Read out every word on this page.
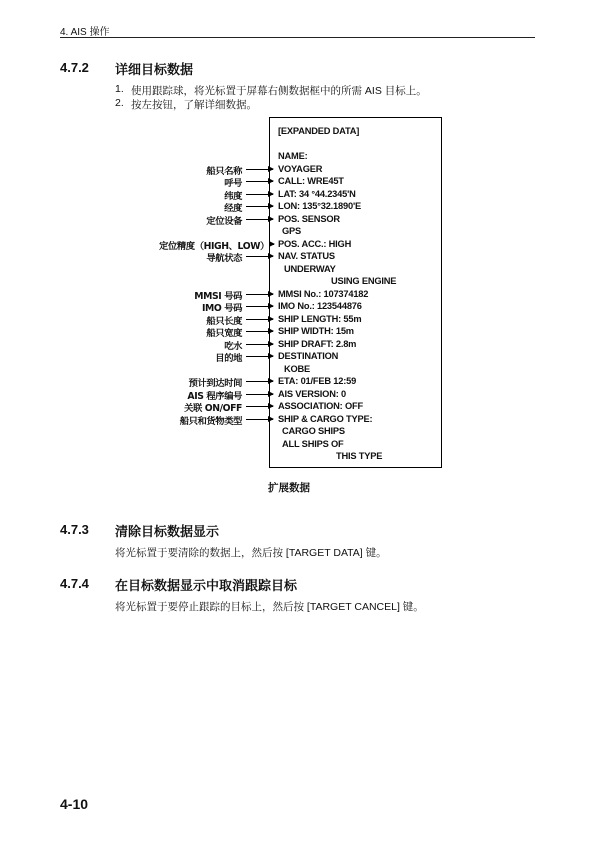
4. AIS 操作
4.7.2 详细目标数据
1. 使用跟踪球，将光标置于屏幕右侧数据框中的所需 AIS 目标上。
2. 按左按钮，了解详细数据。
[EXPANDED DATA]
NAME:
VOYAGER
CALL: WRE45T
LAT: 34 °44.2345'N
LON: 135°32.1890'E
POS. SENSOR
GPS
POS. ACC.: HIGH
NAV. STATUS
UNDERWAY
USING ENGINE
MMSI No.: 107374182
IMO No.: 123544876
SHIP LENGTH: 55m
SHIP WIDTH: 15m
SHIP DRAFT: 2.8m
DESTINATION
KOBE
ETA: 01/FEB 12:59
AIS VERSION: 0
ASSOCIATION: OFF
SHIP & CARGO TYPE:
CARGO SHIPS
ALL SHIPS OF
THIS TYPE
船只名称
呼号
纬度
经度
定位设备
定位精度（HIGH、LOW）
导航状态
MMSI 号码
IMO 号码
船只长度
船只宽度
吃水
目的地
预计到达时间
AIS 程序编号
关联 ON/OFF
船只和货物类型
扩展数据
4.7.3 清除目标数据显示
将光标置于要清除的数据上，然后按 [TARGET DATA] 键。
4.7.4 在目标数据显示中取消跟踪目标
将光标置于要停止跟踪的目标上，然后按 [TARGET CANCEL] 键。
4-10
